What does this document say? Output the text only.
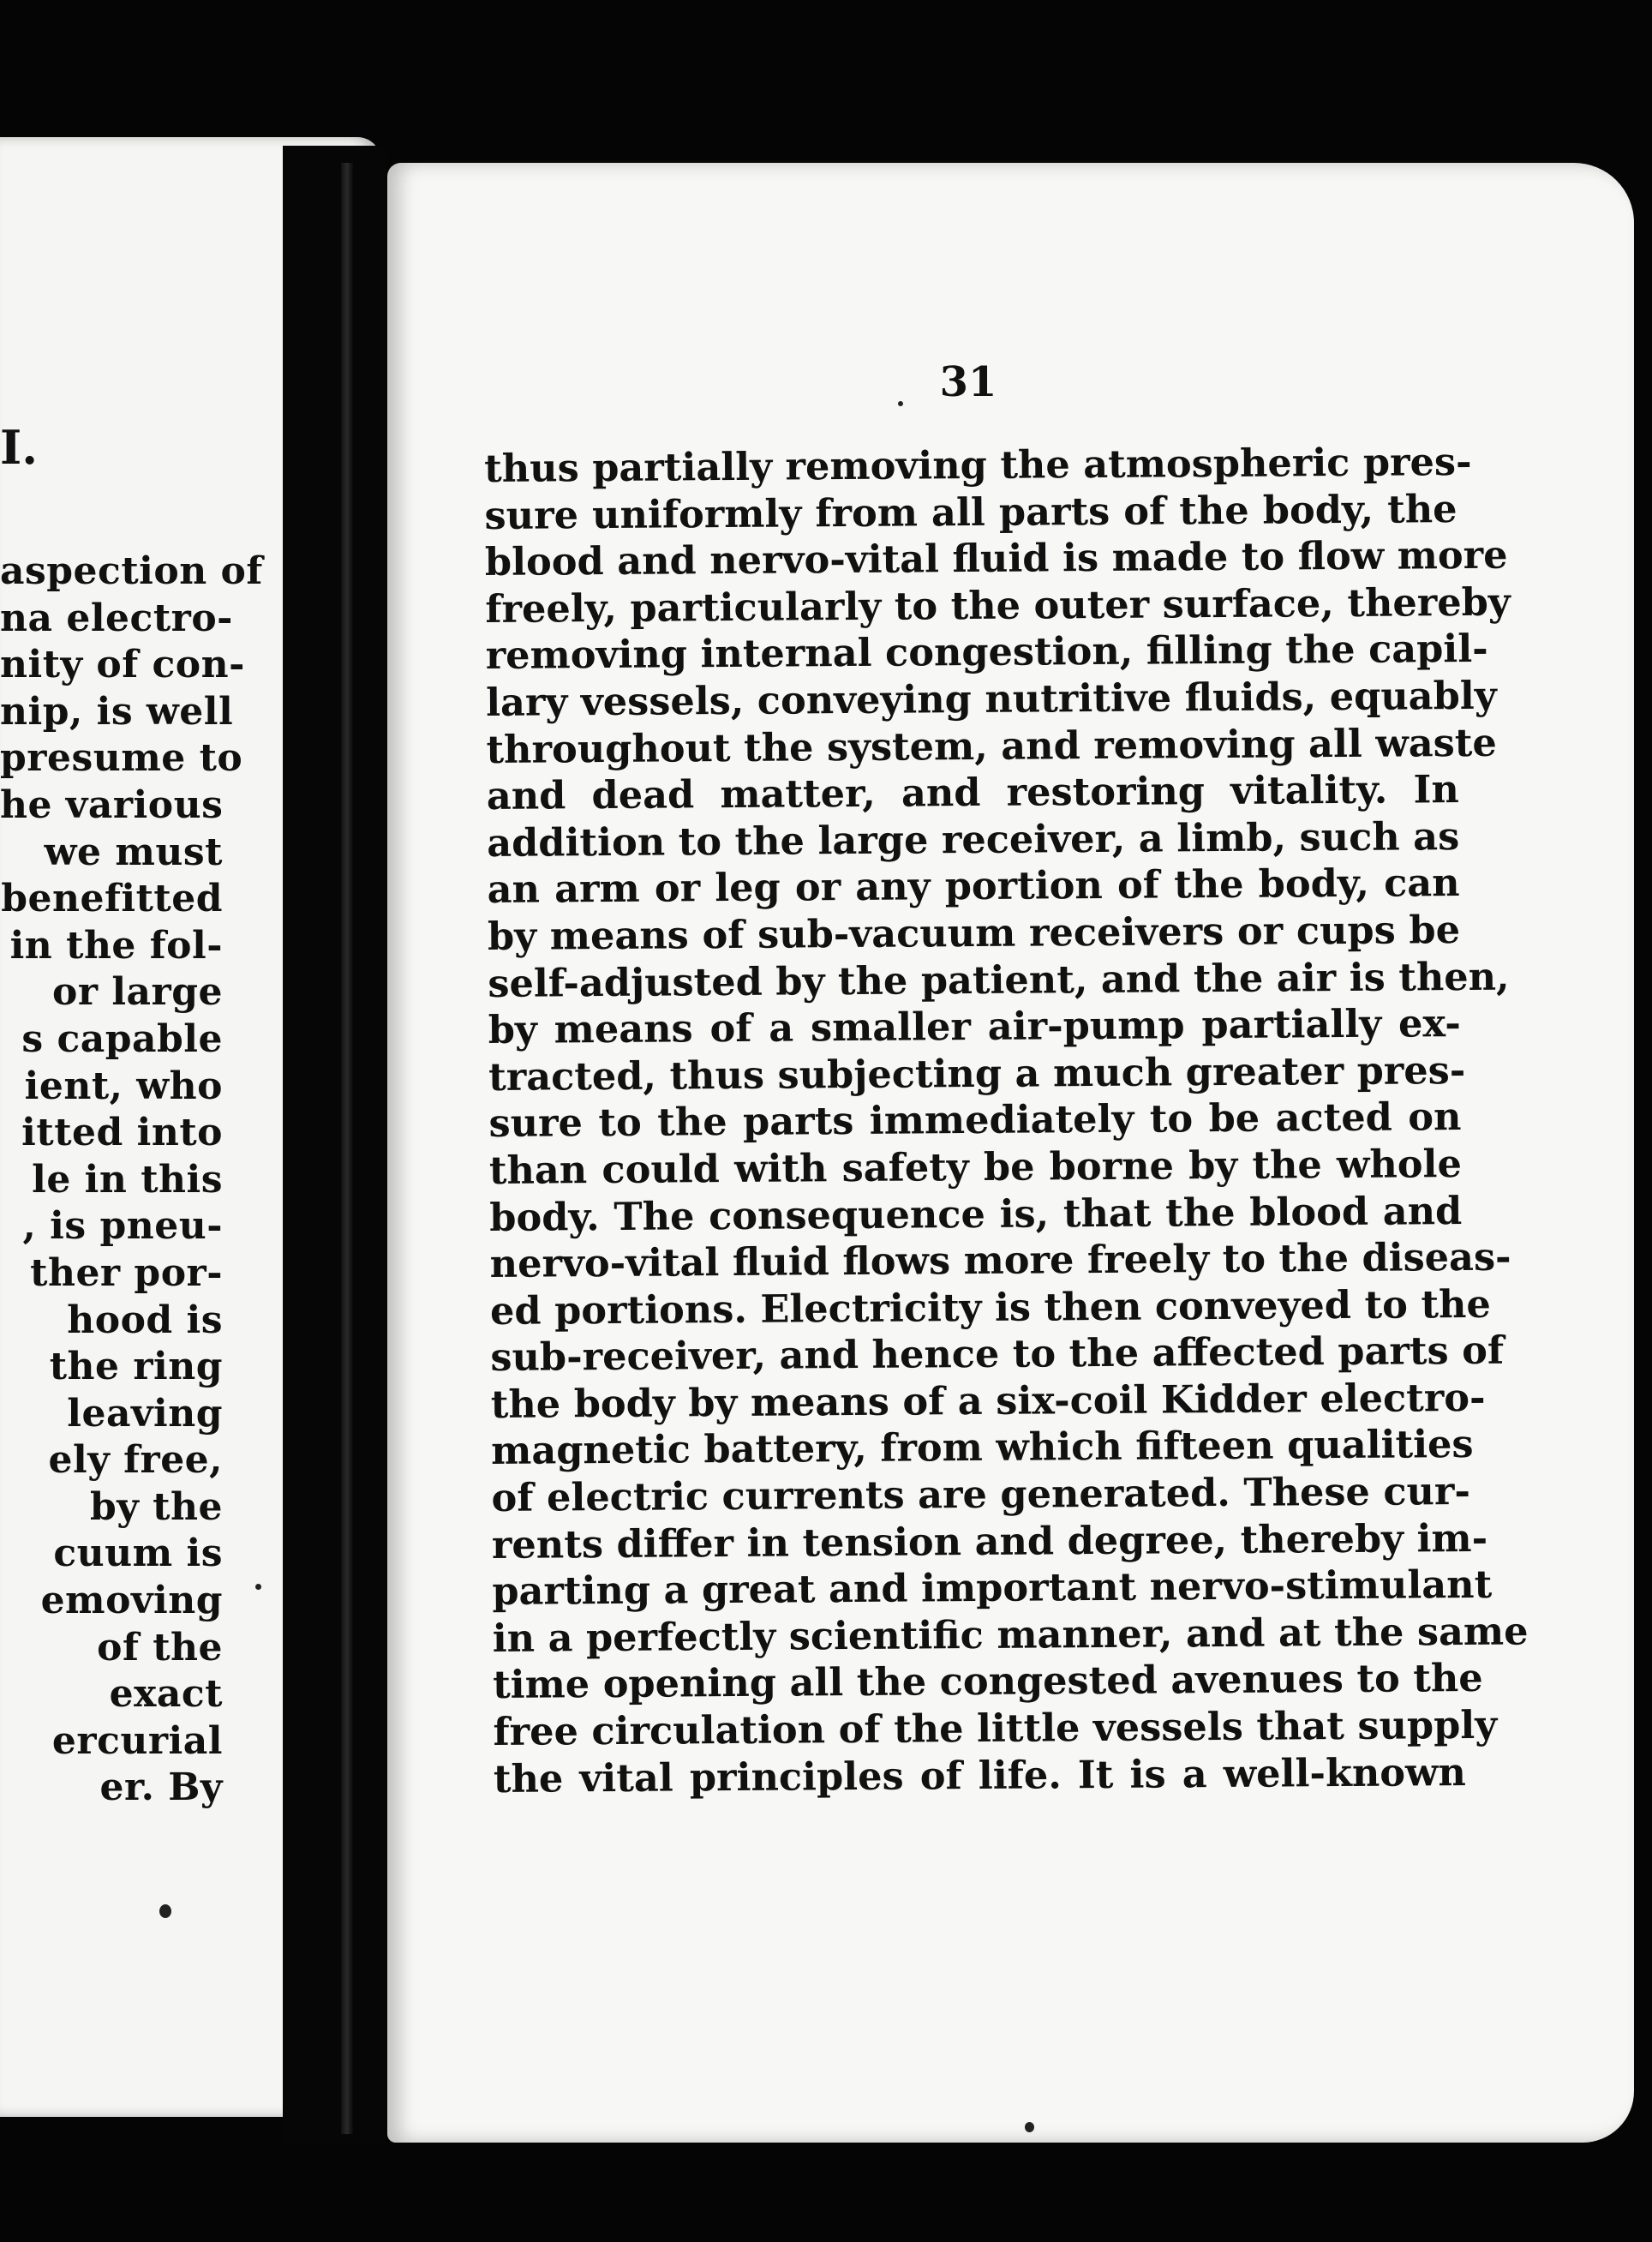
I.
aspection of
na electro-
nity of con-
nip, is well
presume to
he various
we must
benefitted
in the fol-
or large
s capable
ient, who
itted into
le in this
, is pneu-
ther por-
hood is
the ring
leaving
ely free,
by the
cuum is
emoving
of the
exact
ercurial
er. By
31
thus partially removing the atmospheric pres-
sure uniformly from all parts of the body, the
blood and nervo-vital fluid is made to flow more
freely, particularly to the outer surface, thereby
removing internal congestion, filling the capil-
lary vessels, conveying nutritive fluids, equably
throughout the system, and removing all waste
and dead matter, and restoring vitality. In
addition to the large receiver, a limb, such as
an arm or leg or any portion of the body, can
by means of sub-vacuum receivers or cups be
self-adjusted by the patient, and the air is then,
by means of a smaller air-pump partially ex-
tracted, thus subjecting a much greater pres-
sure to the parts immediately to be acted on
than could with safety be borne by the whole
body. The consequence is, that the blood and
nervo-vital fluid flows more freely to the diseas-
ed portions. Electricity is then conveyed to the
sub-receiver, and hence to the affected parts of
the body by means of a six-coil Kidder electro-
magnetic battery, from which fifteen qualities
of electric currents are generated. These cur-
rents differ in tension and degree, thereby im-
parting a great and important nervo-stimulant
in a perfectly scientific manner, and at the same
time opening all the congested avenues to the
free circulation of the little vessels that supply
the vital principles of life. It is a well-known
